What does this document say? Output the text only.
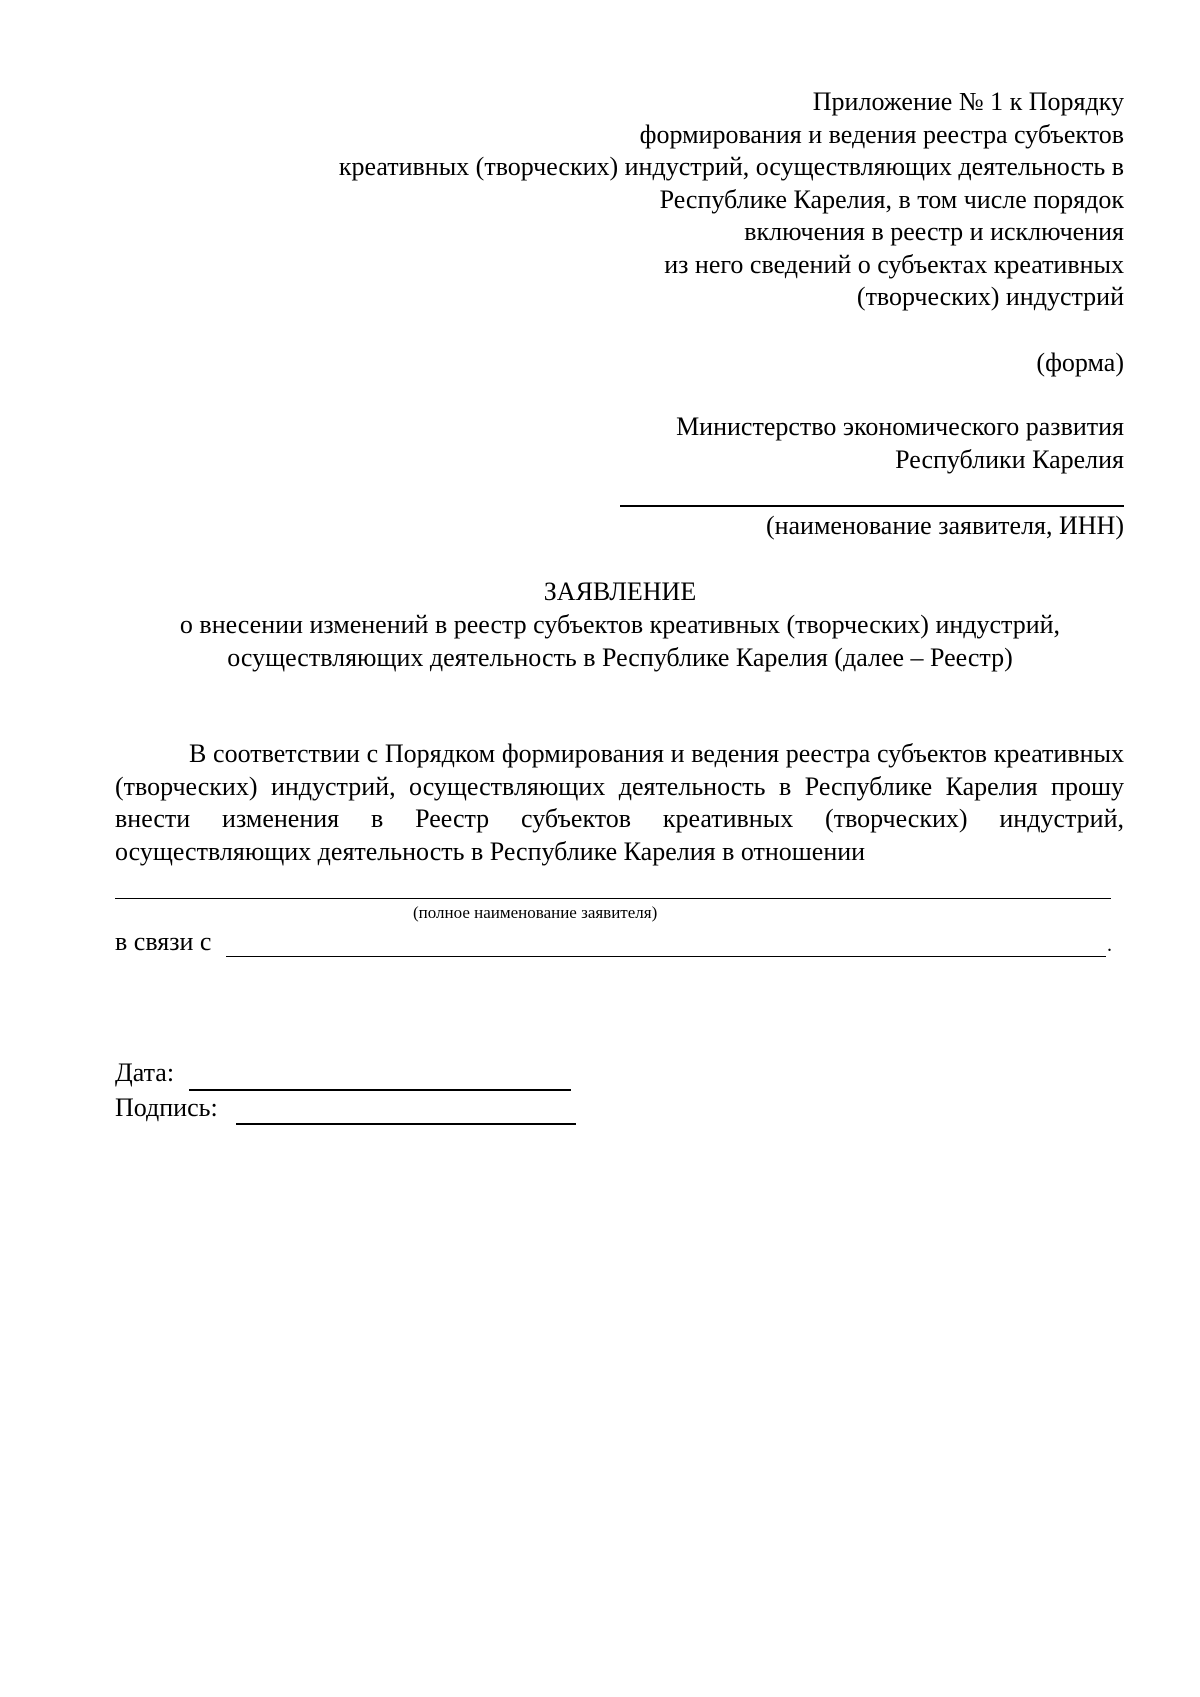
Приложение № 1 к Порядку
формирования и ведения реестра субъектов
креативных (творческих) индустрий, осуществляющих деятельность в
Республике Карелия, в том числе порядок
включения в реестр и исключения
из него сведений о субъектах креативных
(творческих) индустрий
(форма)
Министерство экономического развития
Республики Карелия
(наименование заявителя, ИНН)
ЗАЯВЛЕНИЕ
о внесении изменений в реестр субъектов креативных (творческих) индустрий,
осуществляющих деятельность в Республике Карелия (далее – Реестр)
В соответствии с Порядком формирования и ведения реестра субъектов креативных (творческих) индустрий, осуществляющих деятельность в Республике Карелия прошу внести изменения в Реестр субъектов креативных (творческих) индустрий, осуществляющих деятельность в Республике Карелия в отношении
(полное наименование заявителя)
в связи с	.
Дата:
Подпись:
